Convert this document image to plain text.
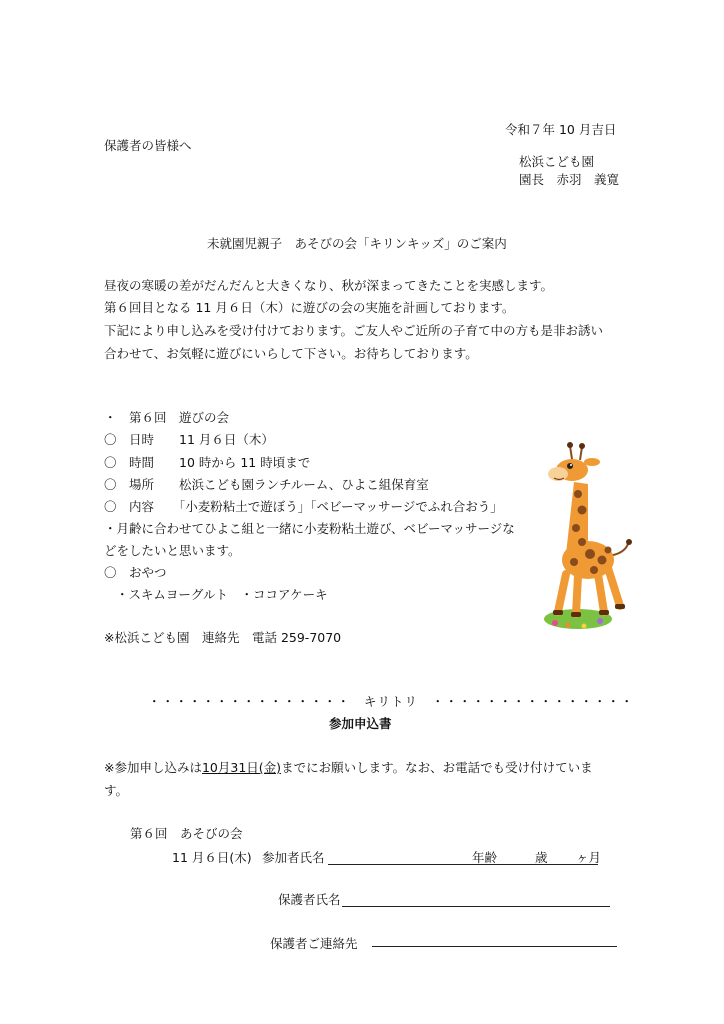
令和７年 10 月吉日
保護者の皆様へ
松浜こども園
園長　赤羽　義寛
未就園児親子　あそびの会「キリンキッズ」のご案内
昼夜の寒暖の差がだんだんと大きくなり、秋が深まってきたことを実感します。
第６回目となる 11 月６日（木）に遊びの会の実施を計画しております。
下記により申し込みを受け付けております。ご友人やご近所の子育て中の方も是非お誘い
合わせて、お気軽に遊びにいらして下さい。お待ちしております。
・　第６回　遊びの会
〇　日時　　11 月６日（木）
〇　時間　　10 時から 11 時頃まで
〇　場所　　松浜こども園ランチルーム、ひよこ組保育室
〇　内容　　「小麦粉粘土で遊ぼう」「ベビーマッサージでふれ合おう」
・月齢に合わせてひよこ組と一緒に小麦粉粘土遊び、ベビーマッサージな
どをしたいと思います。
〇　おやつ
・スキムヨーグルト　・ココアケーキ
※松浜こども園　連絡先　電話 259-7070
・・・・・・・・・・・・・・・　キリトリ　・・・・・・・・・・・・・・・
参加申込書
※参加申し込みは10月31日(金)までにお願いします。なお、お電話でも受け付けていま
す。
第６回　あそびの会
11 月６日(木) 参加者氏名	年齢	歳 ヶ月
保護者氏名
保護者ご連絡先
